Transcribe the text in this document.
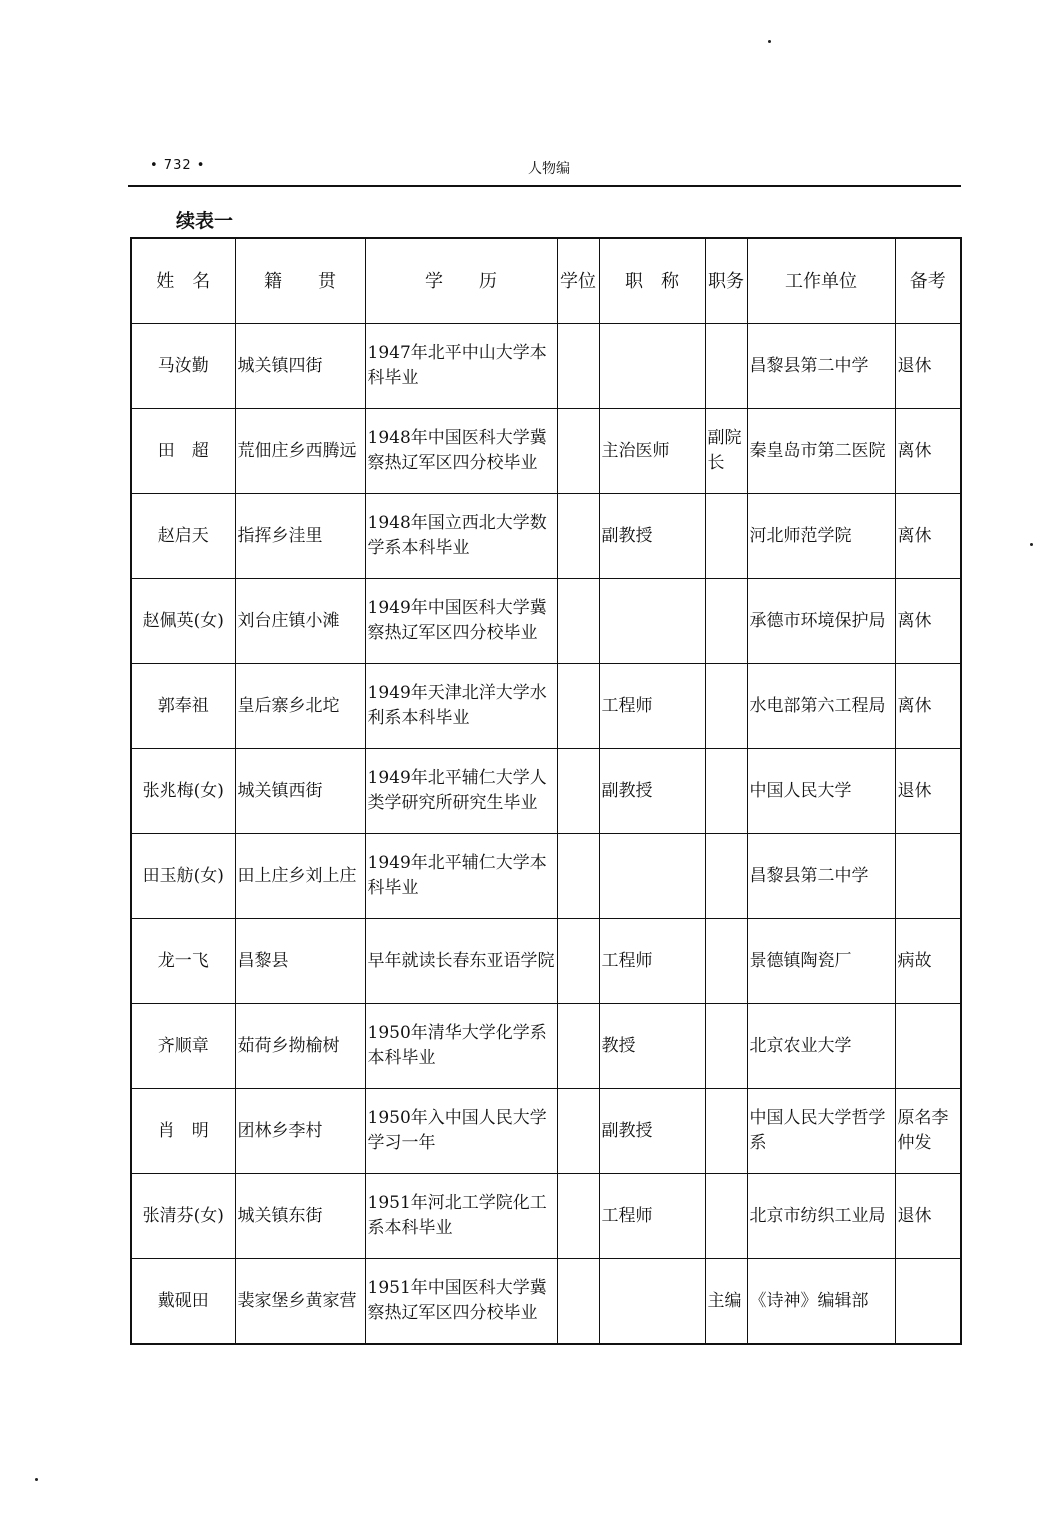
• 732 •	人物编
续表一
姓　名	籍　　贯	学　　历	学位	职　称	职务	工作单位	备考
马汝勤	城关镇四街	1947年北平中山大学本科毕业				昌黎县第二中学	退休
田　超	荒佃庄乡西腾远	1948年中国医科大学冀察热辽军区四分校毕业		主治医师	副院长	秦皇岛市第二医院	离休
赵启天	指挥乡洼里	1948年国立西北大学数学系本科毕业		副教授		河北师范学院	离休
赵佩英(女)	刘台庄镇小滩	1949年中国医科大学冀察热辽军区四分校毕业				承德市环境保护局	离休
郭奉祖	皇后寨乡北坨	1949年天津北洋大学水利系本科毕业		工程师		水电部第六工程局	离休
张兆梅(女)	城关镇西街	1949年北平辅仁大学人类学研究所研究生毕业		副教授		中国人民大学	退休
田玉舫(女)	田上庄乡刘上庄	1949年北平辅仁大学本科毕业				昌黎县第二中学	
龙一飞	昌黎县	早年就读长春东亚语学院		工程师		景德镇陶瓷厂	病故
齐顺章	茹荷乡拗榆树	1950年清华大学化学系本科毕业		教授		北京农业大学	
肖　明	团林乡李村	1950年入中国人民大学学习一年		副教授		中国人民大学哲学系	原名李仲发
张清芬(女)	城关镇东街	1951年河北工学院化工系本科毕业		工程师		北京市纺织工业局	退休
戴砚田	裴家堡乡黄家营	1951年中国医科大学冀察热辽军区四分校毕业			主编	《诗神》编辑部	
